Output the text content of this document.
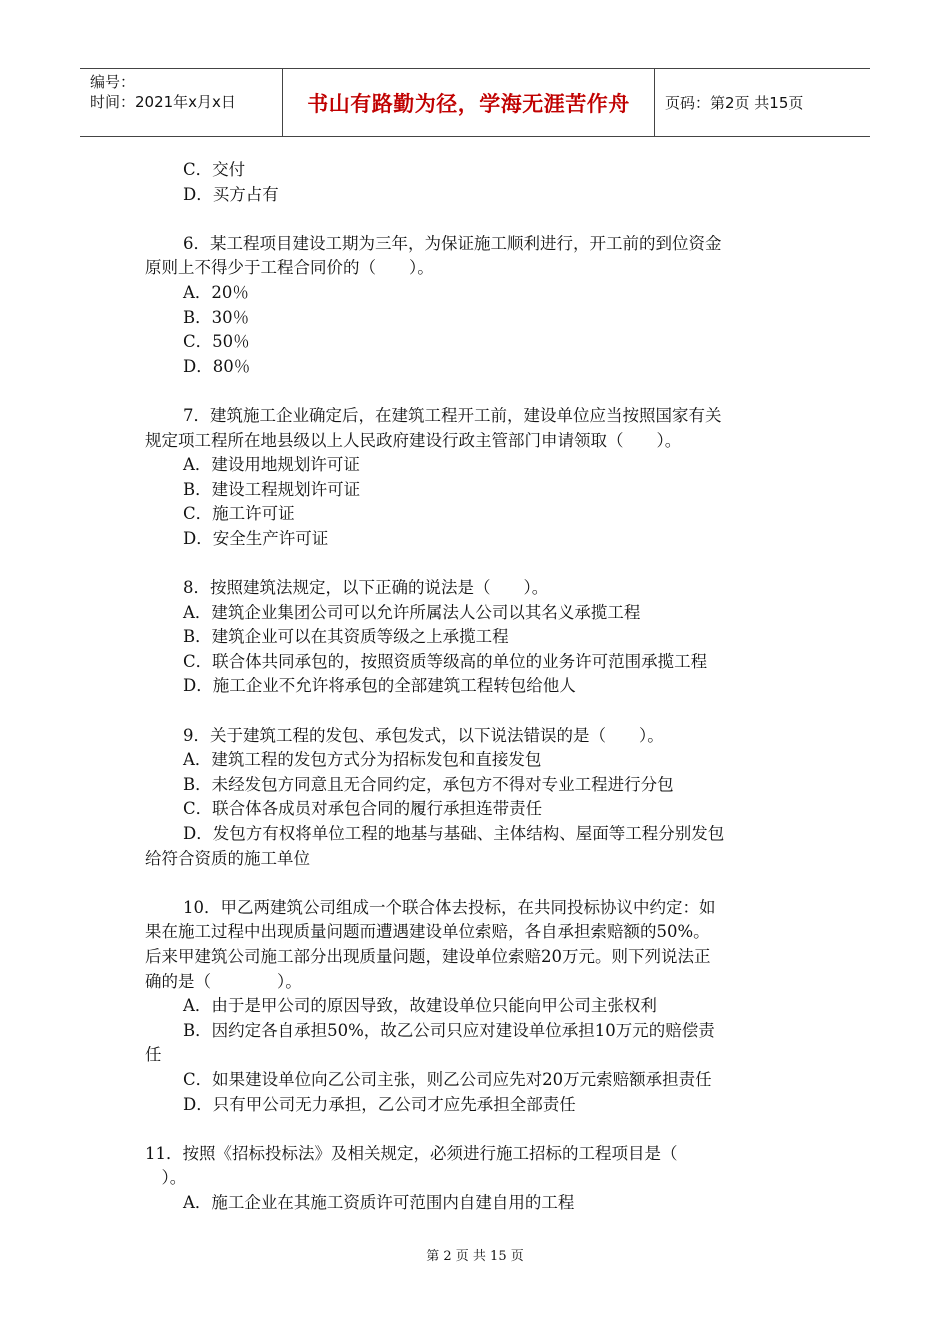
编号：
时间：2021年x月x日	书山有路勤为径，学海无涯苦作舟 页码：第2页 共15页
C．交付
D．买方占有
6．某工程项目建设工期为三年，为保证施工顺利进行，开工前的到位资金
原则上不得少于工程合同价的（　　）。
A．20％
B．30％
C．50％
D．80％
7．建筑施工企业确定后，在建筑工程开工前，建设单位应当按照国家有关
规定项工程所在地县级以上人民政府建设行政主管部门申请领取（　　）。
A．建设用地规划许可证
B．建设工程规划许可证
C．施工许可证
D．安全生产许可证
8．按照建筑法规定，以下正确的说法是（　　）。
A．建筑企业集团公司可以允许所属法人公司以其名义承揽工程
B．建筑企业可以在其资质等级之上承揽工程
C．联合体共同承包的，按照资质等级高的单位的业务许可范围承揽工程
D．施工企业不允许将承包的全部建筑工程转包给他人
9．关于建筑工程的发包、承包发式，以下说法错误的是（　　）。
A．建筑工程的发包方式分为招标发包和直接发包
B．未经发包方同意且无合同约定，承包方不得对专业工程进行分包
C．联合体各成员对承包合同的履行承担连带责任
D．发包方有权将单位工程的地基与基础、主体结构、屋面等工程分别发包
给符合资质的施工单位
10．甲乙两建筑公司组成一个联合体去投标，在共同投标协议中约定：如
果在施工过程中出现质量问题而遭遇建设单位索赔，各自承担索赔额的50%。
后来甲建筑公司施工部分出现质量问题，建设单位索赔20万元。则下列说法正
确的是（　　　　）。
A．由于是甲公司的原因导致，故建设单位只能向甲公司主张权利
B．因约定各自承担50%，故乙公司只应对建设单位承担10万元的赔偿责
任
C．如果建设单位向乙公司主张，则乙公司应先对20万元索赔额承担责任
D．只有甲公司无力承担，乙公司才应先承担全部责任
11．按照《招标投标法》及相关规定，必须进行施工招标的工程项目是（
　）。
A．施工企业在其施工资质许可范围内自建自用的工程
第 2 页 共 15 页
